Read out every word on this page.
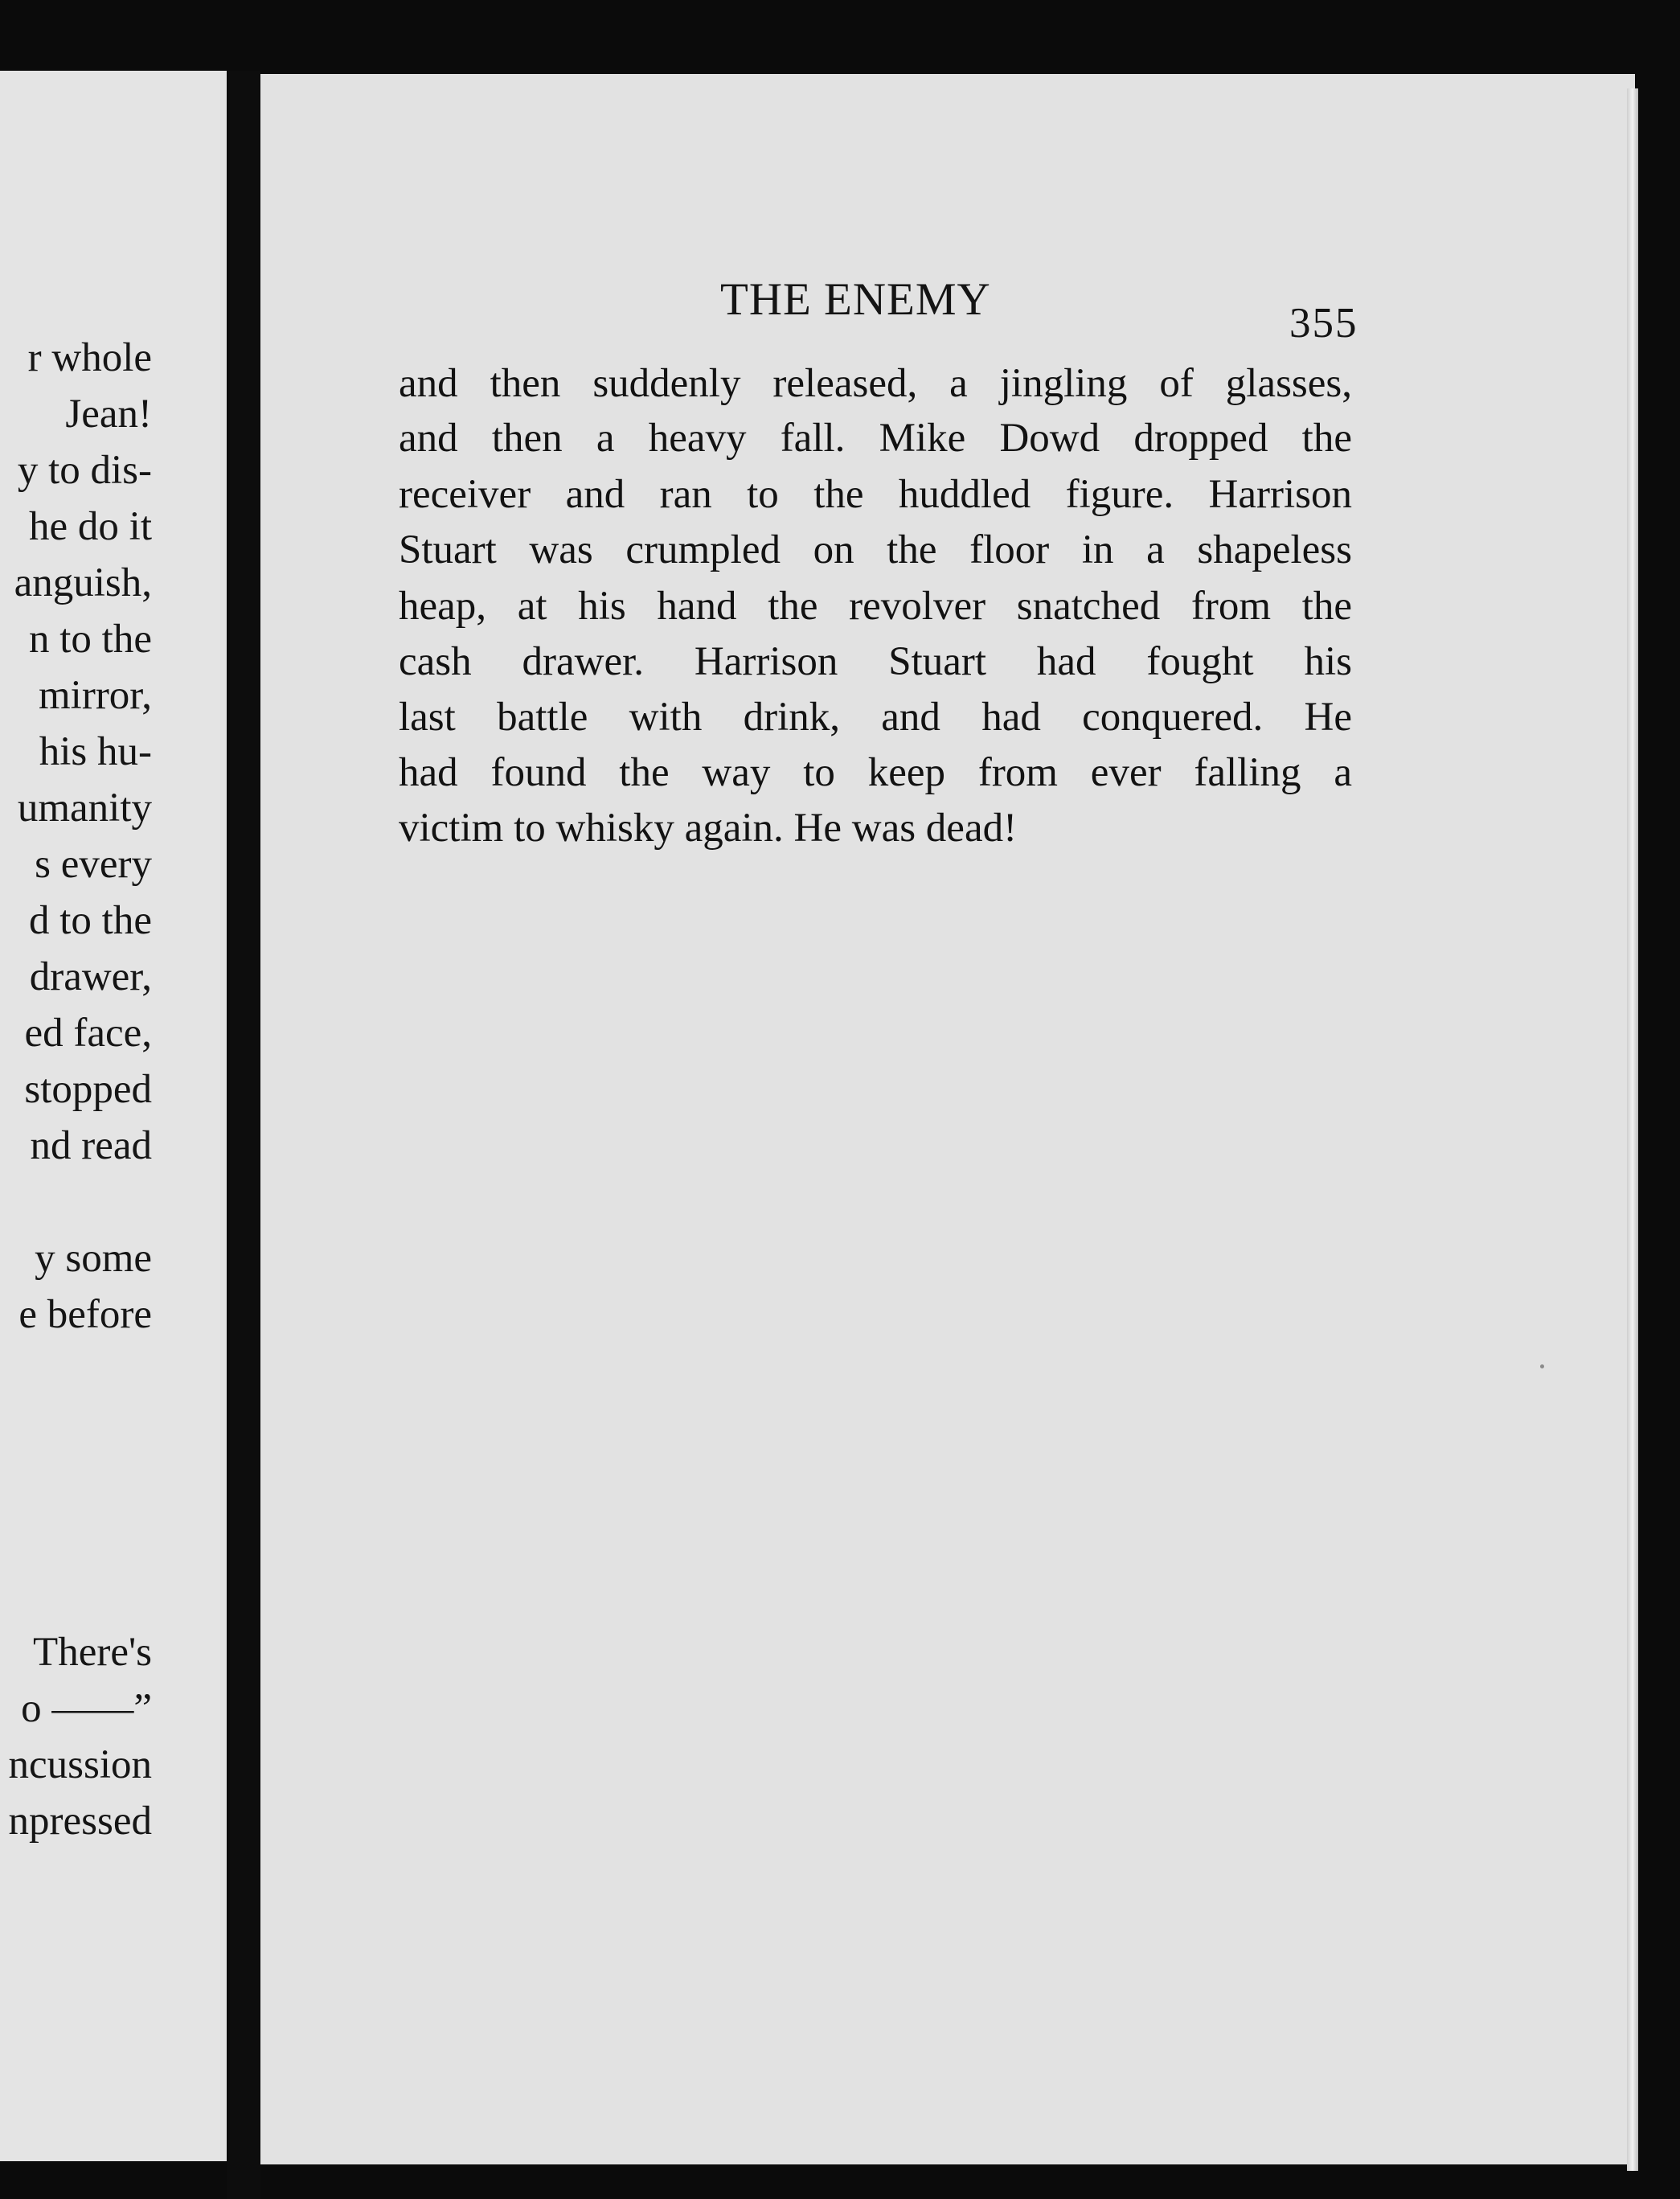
r whole
Jean!
y to dis-
he do it
anguish,
n to the
mirror,
his hu-
umanity
s every
d to the
drawer,
ed face,
stopped
nd read
y some
e before
There's
o ——”
ncussion
npressed
THE ENEMY	355
and then suddenly released, a jingling of glasses,
and then a heavy fall. Mike Dowd dropped the
receiver and ran to the huddled figure. Harrison
Stuart was crumpled on the floor in a shapeless
heap, at his hand the revolver snatched from the
cash drawer. Harrison Stuart had fought his
last battle with drink, and had conquered. He
had found the way to keep from ever falling a
victim to whisky again. He was dead!
